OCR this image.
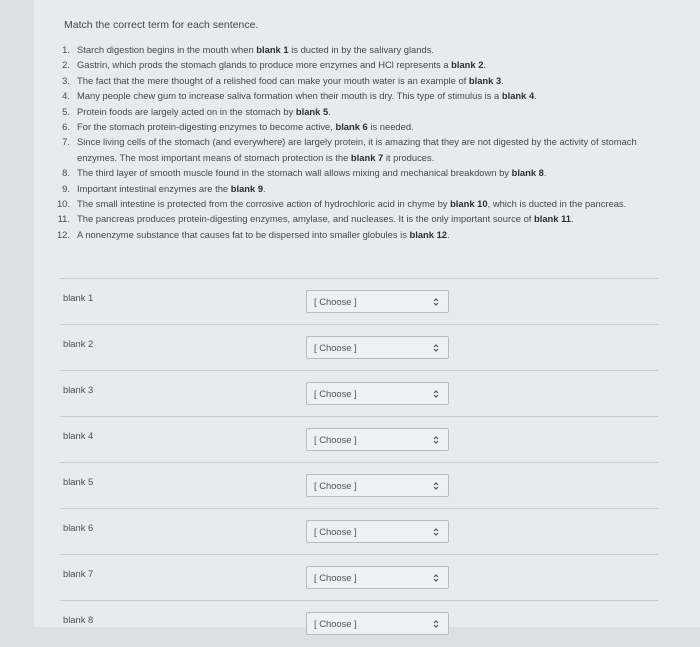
Match the correct term for each sentence.
1. Starch digestion begins in the mouth when blank 1 is ducted in by the salivary glands.
2. Gastrin, which prods the stomach glands to produce more enzymes and HCl represents a blank 2.
3. The fact that the mere thought of a relished food can make your mouth water is an example of blank 3.
4. Many people chew gum to increase saliva formation when their mouth is dry. This type of stimulus is a blank 4.
5. Protein foods are largely acted on in the stomach by blank 5.
6. For the stomach protein-digesting enzymes to become active, blank 6 is needed.
7. Since living cells of the stomach (and everywhere) are largely protein, it is amazing that they are not digested by the activity of stomach enzymes. The most important means of stomach protection is the blank 7 it produces.
8. The third layer of smooth muscle found in the stomach wall allows mixing and mechanical breakdown by blank 8.
9. Important intestinal enzymes are the blank 9.
10. The small intestine is protected from the corrosive action of hydrochloric acid in chyme by blank 10, which is ducted in the pancreas.
11. The pancreas produces protein-digesting enzymes, amylase, and nucleases. It is the only important source of blank 11.
12. A nonenzyme substance that causes fat to be dispersed into smaller globules is blank 12.
blank 1	[ Choose ]
blank 2	[ Choose ]
blank 3	[ Choose ]
blank 4	[ Choose ]
blank 5	[ Choose ]
blank 6	[ Choose ]
blank 7	[ Choose ]
blank 8	[ Choose ]
